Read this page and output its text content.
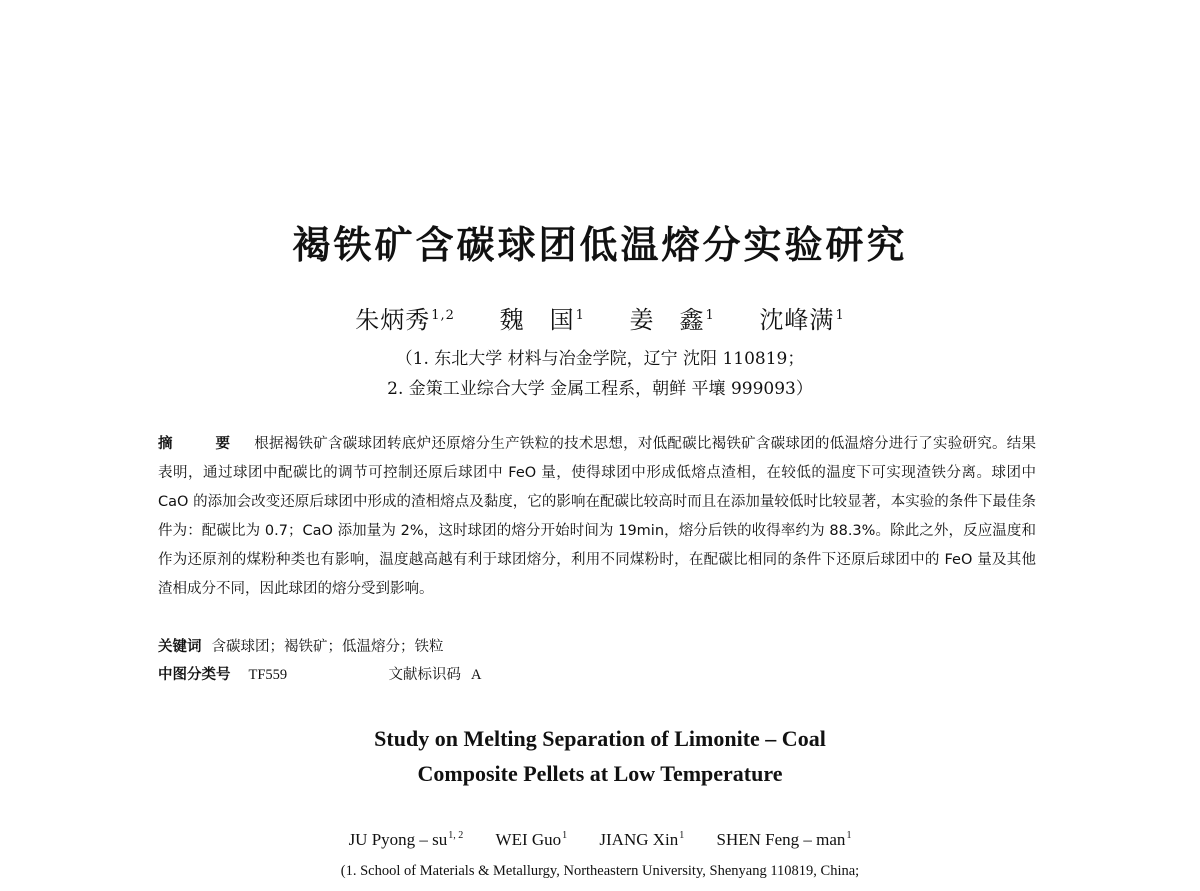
褐铁矿含碳球团低温熔分实验研究
朱炳秀$^{1,2}$ 魏　国$^1$ 姜　鑫$^1$ 沈峰满$^1$
（1. 东北大学 材料与冶金学院，辽宁 沈阳 110819；
2. 金策工业综合大学 金属工程系，朝鲜 平壤 999093）
摘　要 根据褐铁矿含碳球团转底炉还原熔分生产铁粒的技术思想，对低配碳比褐铁矿含碳球团的低温熔分进行了实验研究。结果表明，通过球团中配碳比的调节可控制还原后球团中 FeO 量，使得球团中形成低熔点渣相，在较低的温度下可实现渣铁分离。球团中 CaO 的添加会改变还原后球团中形成的渣相熔点及黏度，它的影响在配碳比较高时而且在添加量较低时比较显著，本实验的条件下最佳条件为：配碳比为 0.7；CaO 添加量为 2%，这时球团的熔分开始时间为 19min，熔分后铁的收得率约为 88.3%。除此之外，反应温度和作为还原剂的煤粉种类也有影响，温度越高越有利于球团熔分，利用不同煤粉时，在配碳比相同的条件下还原后球团中的 FeO 量及其他渣相成分不同，因此球团的熔分受到影响。
关键词 含碳球团；褐铁矿；低温熔分；铁粒
中图分类号 TF559	文献标识码 A
Study on Melting Separation of Limonite – Coal
Composite Pellets at Low Temperature
JU Pyong – su$^{1, 2}$ WEI Guo$^1$ JIANG Xin$^1$ SHEN Feng – man$^1$
(1. School of Materials & Metallurgy, Northeastern University, Shenyang 110819, China;
